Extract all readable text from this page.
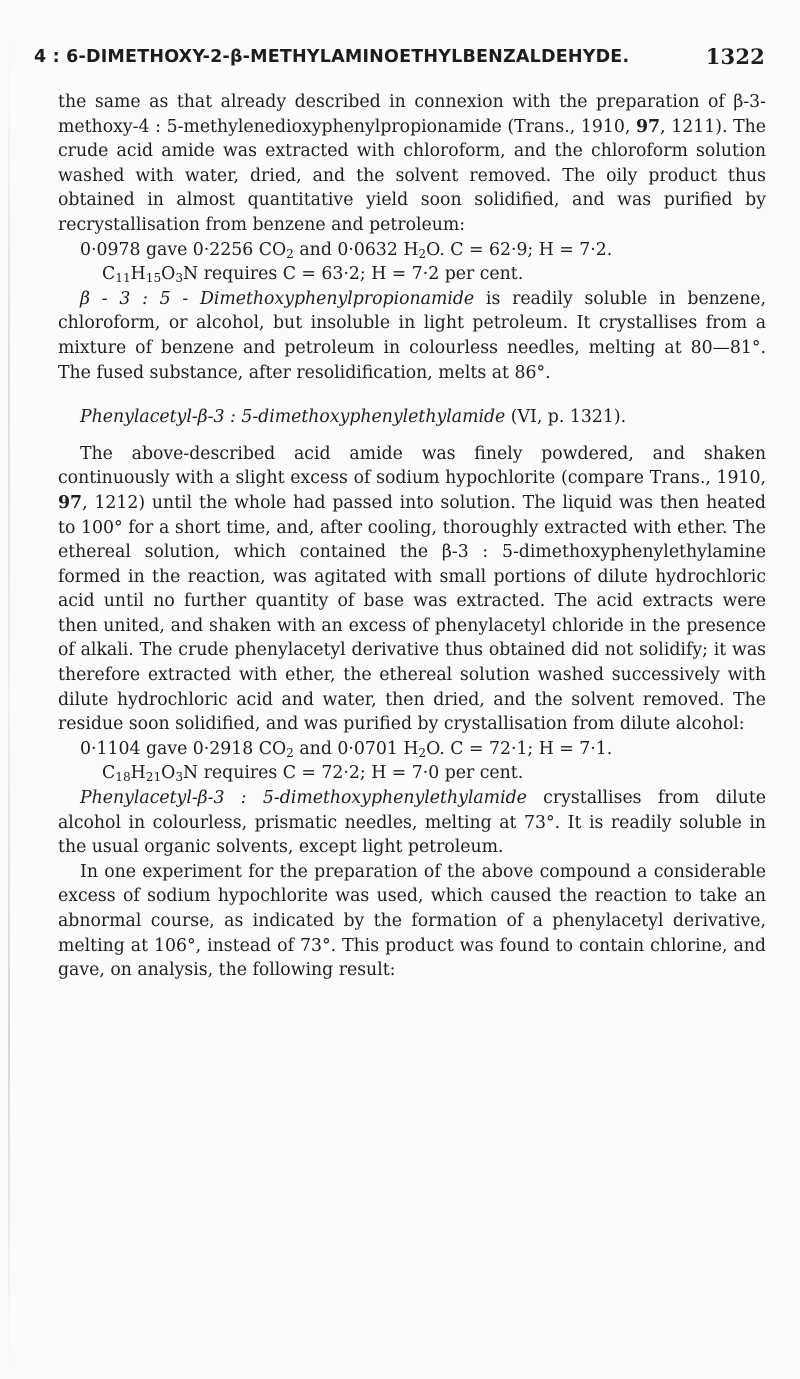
4 : 6-DIMETHOXY-2-β-METHYLAMINOETHYLBENZALDEHYDE.	1322

the same as that already described in connexion with the preparation of β-3-methoxy-4 : 5-methylenedioxyphenylpropionamide (Trans., 1910, 97, 1211). The crude acid amide was extracted with chloroform, and the chloroform solution washed with water, dried, and the solvent removed. The oily product thus obtained in almost quantitative yield soon solidified, and was purified by recrystallisation from benzene and petroleum:

0·0978 gave 0·2256 $CO_2$ and 0·0632 $H_2O$. C = 62·9; H = 7·2.

$C_{11}H_{15}O_3N$ requires C = 63·2; H = 7·2 per cent.

β - 3 : 5 - Dimethoxyphenylpropionamide is readily soluble in benzene, chloroform, or alcohol, but insoluble in light petroleum. It crystallises from a mixture of benzene and petroleum in colourless needles, melting at 80—81°. The fused substance, after resolidification, melts at 86°.

Phenylacetyl-β-3 : 5-dimethoxyphenylethylamide (VI, p. 1321).

The above-described acid amide was finely powdered, and shaken continuously with a slight excess of sodium hypochlorite (compare Trans., 1910, 97, 1212) until the whole had passed into solution. The liquid was then heated to 100° for a short time, and, after cooling, thoroughly extracted with ether. The ethereal solution, which contained the β-3 : 5-dimethoxyphenylethylamine formed in the reaction, was agitated with small portions of dilute hydrochloric acid until no further quantity of base was extracted. The acid extracts were then united, and shaken with an excess of phenylacetyl chloride in the presence of alkali. The crude phenylacetyl derivative thus obtained did not solidify; it was therefore extracted with ether, the ethereal solution washed successively with dilute hydrochloric acid and water, then dried, and the solvent removed. The residue soon solidified, and was purified by crystallisation from dilute alcohol:

0·1104 gave 0·2918 $CO_2$ and 0·0701 $H_2O$. C = 72·1; H = 7·1.

$C_{18}H_{21}O_3N$ requires C = 72·2; H = 7·0 per cent.

Phenylacetyl-β-3 : 5-dimethoxyphenylethylamide crystallises from dilute alcohol in colourless, prismatic needles, melting at 73°. It is readily soluble in the usual organic solvents, except light petroleum.

In one experiment for the preparation of the above compound a considerable excess of sodium hypochlorite was used, which caused the reaction to take an abnormal course, as indicated by the formation of a phenylacetyl derivative, melting at 106°, instead of 73°. This product was found to contain chlorine, and gave, on analysis, the following result:
